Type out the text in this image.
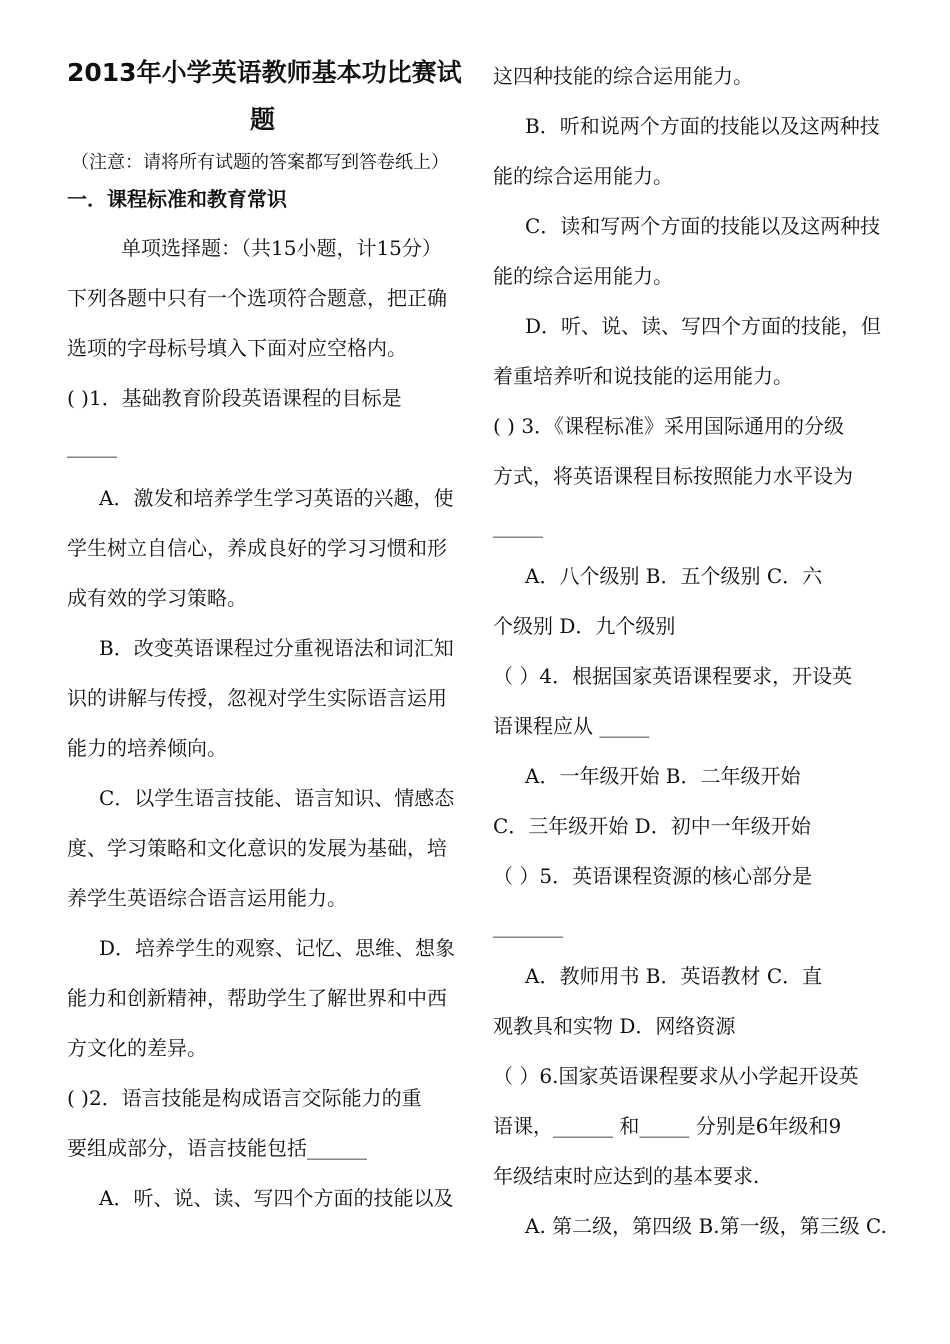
2013年小学英语教师基本功比赛试
题
（注意：请将所有试题的答案都写到答卷纸上）
一．课程标准和教育常识
单项选择题：（共15小题，计15分）
下列各题中只有一个选项符合题意，把正确
选项的字母标号填入下面对应空格内。
( )1．基础教育阶段英语课程的目标是
_____
A．激发和培养学生学习英语的兴趣，使
学生树立自信心，养成良好的学习习惯和形
成有效的学习策略。
B．改变英语课程过分重视语法和词汇知
识的讲解与传授，忽视对学生实际语言运用
能力的培养倾向。
C．以学生语言技能、语言知识、情感态
度、学习策略和文化意识的发展为基础，培
养学生英语综合语言运用能力。
D．培养学生的观察、记忆、思维、想象
能力和创新精神，帮助学生了解世界和中西
方文化的差异。
( )2．语言技能是构成语言交际能力的重
要组成部分，语言技能包括______
A．听、说、读、写四个方面的技能以及
这四种技能的综合运用能力。
B．听和说两个方面的技能以及这两种技
能的综合运用能力。
C．读和写两个方面的技能以及这两种技
能的综合运用能力。
D．听、说、读、写四个方面的技能，但
着重培养听和说技能的运用能力。
( ) 3．《课程标准》采用国际通用的分级
方式，将英语课程目标按照能力水平设为
_____
A．八个级别 B．五个级别 C．六
个级别 D．九个级别
（ ）4．根据国家英语课程要求，开设英
语课程应从 _____
A．一年级开始 B．二年级开始
C．三年级开始 D．初中一年级开始
（ ）5．英语课程资源的核心部分是
_______
A．教师用书 B．英语教材 C．直
观教具和实物 D．网络资源
（ ）6.国家英语课程要求从小学起开设英
语课，______ 和_____ 分别是6年级和9
年级结束时应达到的基本要求.
A. 第二级，第四级 B.第一级，第三级 C.
